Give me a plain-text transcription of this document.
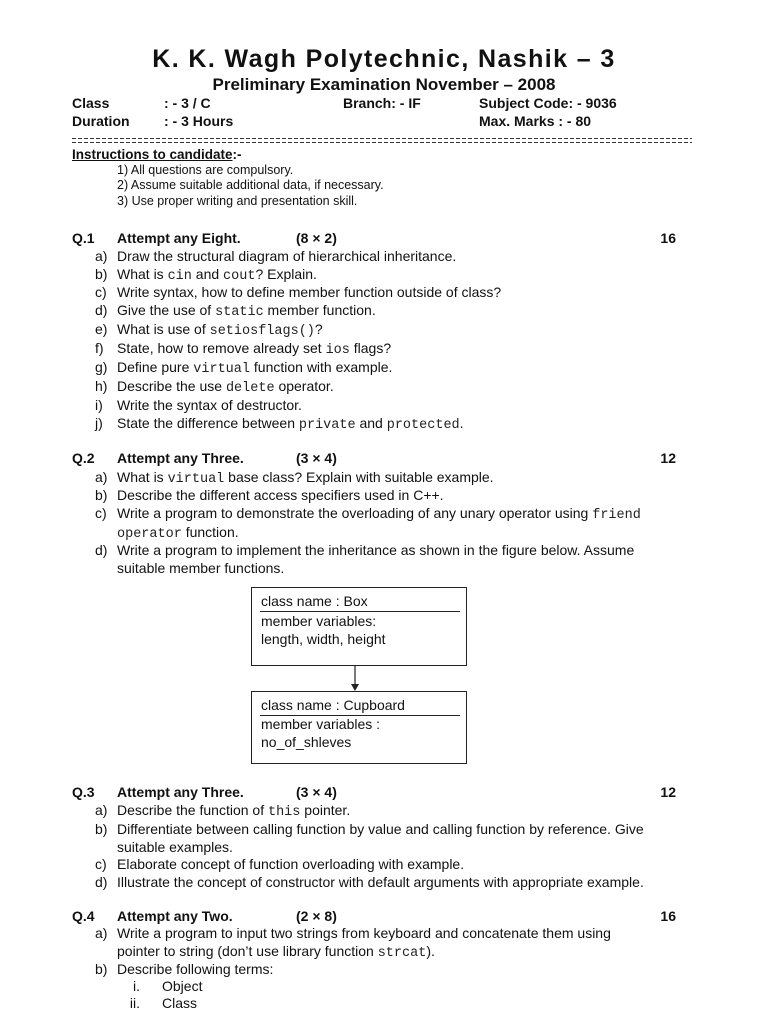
K. K. Wagh Polytechnic, Nashik – 3
Preliminary Examination November – 2008
Class	: - 3 / C	Branch: - IF	Subject Code: - 9036
Duration : - 3 Hours	Max. Marks : - 80
Instructions to candidate:-
1) All questions are compulsory.
2) Assume suitable additional data, if necessary.
3) Use proper writing and presentation skill.
class name : Box
member variables:
length, width, height
class name : Cupboard
member variables :
no_of_shleves
Q.1 Attempt any Eight.	(8 × 2)	16
a) Draw the structural diagram of hierarchical inheritance.
b) What is cin and cout? Explain.
c) Write syntax, how to define member function outside of class?
d) Give the use of static member function.
e) What is use of setiosflags()?
f) State, how to remove already set ios flags?
g) Define pure virtual function with example.
h) Describe the use delete operator.
i) Write the syntax of destructor.
j) State the difference between private and protected.
Q.2 Attempt any Three.	(3 × 4)	12
a) What is virtual base class? Explain with suitable example.
b) Describe the different access specifiers used in C++.
c) Write a program to demonstrate the overloading of any unary operator using friend
operator function.
d) Write a program to implement the inheritance as shown in the figure below. Assume
suitable member functions.
Q.3 Attempt any Three.	(3 × 4)	12
a) Describe the function of this pointer.
b) Differentiate between calling function by value and calling function by reference. Give
suitable examples.
c) Elaborate concept of function overloading with example.
d) Illustrate the concept of constructor with default arguments with appropriate example.
Q.4 Attempt any Two.	(2 × 8)	16
a) Write a program to input two strings from keyboard and concatenate them using
pointer to string (don’t use library function strcat).
b) Describe following terms:
i. Object
ii. Class
